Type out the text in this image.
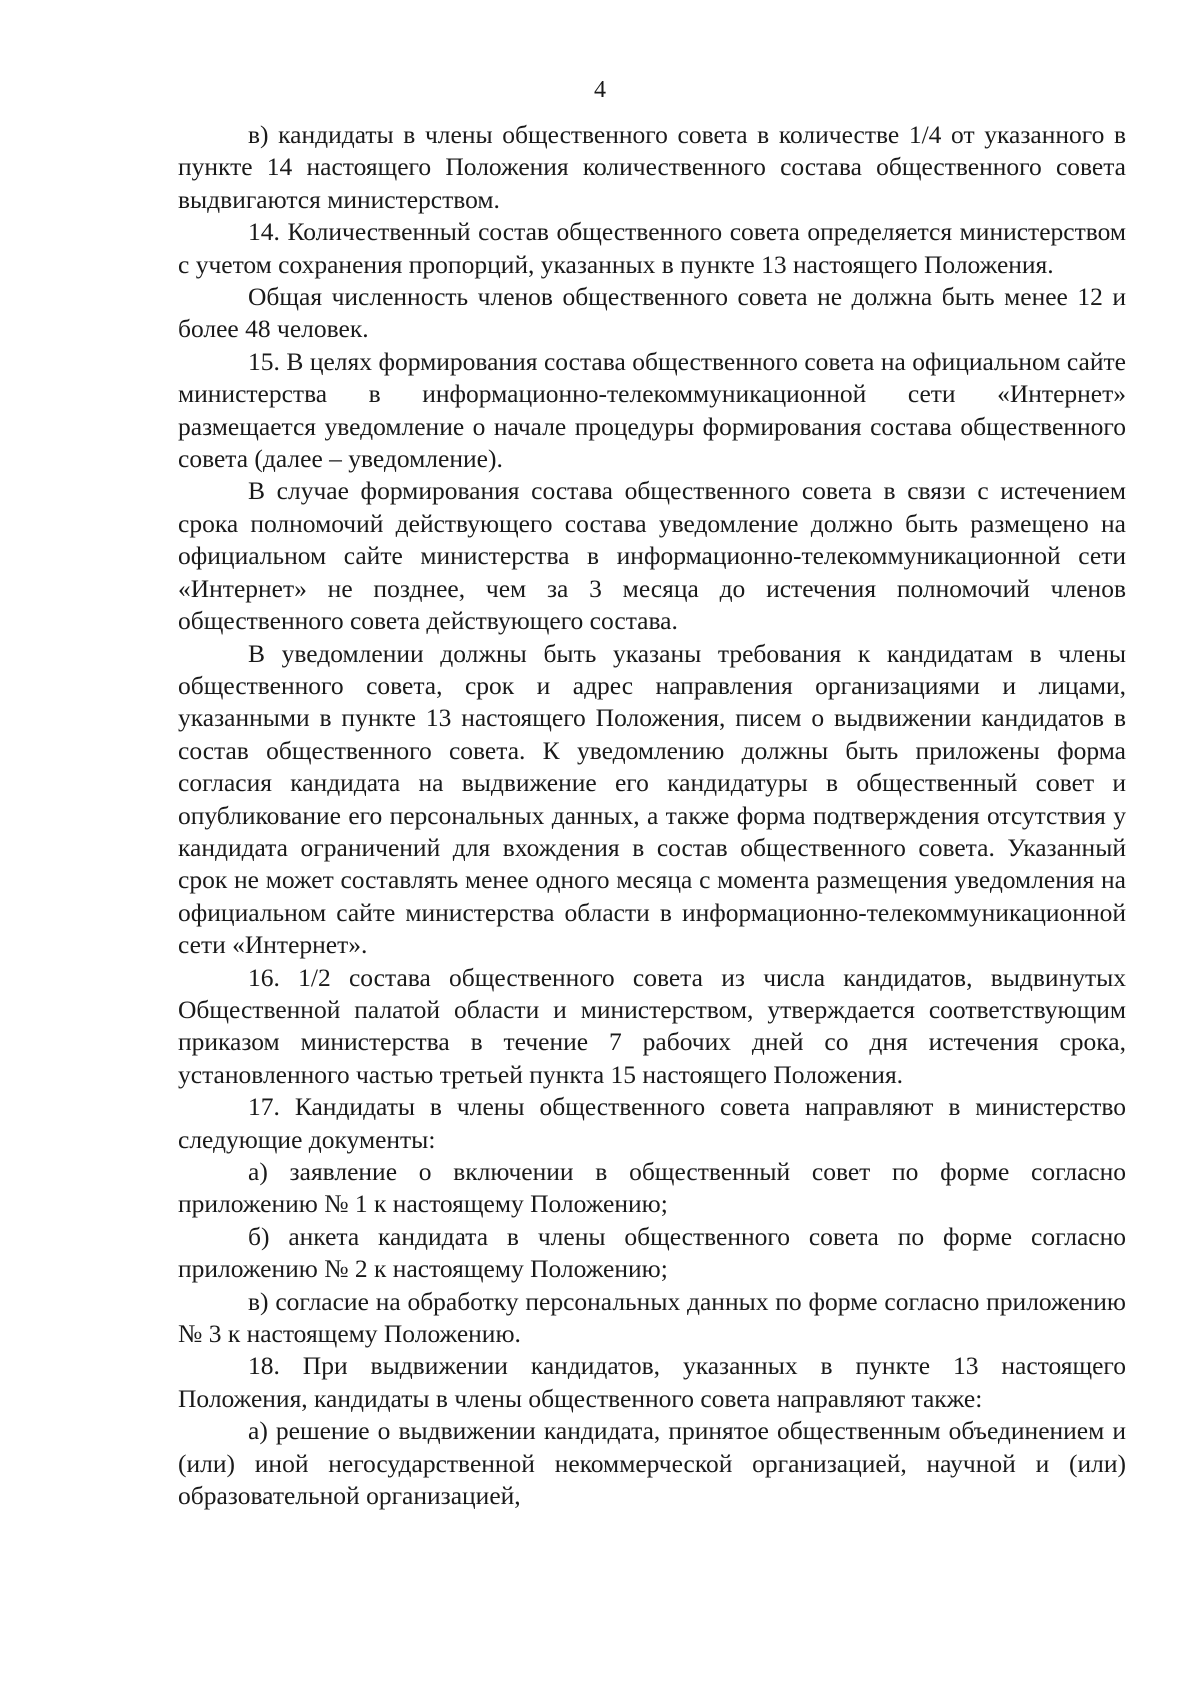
4

в) кандидаты в члены общественного совета в количестве 1/4 от указанного в пункте 14 настоящего Положения количественного состава общественного совета выдвигаются министерством.

14. Количественный состав общественного совета определяется министерством с учетом сохранения пропорций, указанных в пункте 13 настоящего Положения.

Общая численность членов общественного совета не должна быть менее 12 и более 48 человек.

15. В целях формирования состава общественного совета на официальном сайте министерства в информационно-телекоммуникационной сети «Интернет» размещается уведомление о начале процедуры формирования состава общественного совета (далее – уведомление).

В случае формирования состава общественного совета в связи с истечением срока полномочий действующего состава уведомление должно быть размещено на официальном сайте министерства в информационно-телекоммуникационной сети «Интернет» не позднее, чем за 3 месяца до истечения полномочий членов общественного совета действующего состава.

В уведомлении должны быть указаны требования к кандидатам в члены общественного совета, срок и адрес направления организациями и лицами, указанными в пункте 13 настоящего Положения, писем о выдвижении кандидатов в состав общественного совета. К уведомлению должны быть приложены форма согласия кандидата на выдвижение его кандидатуры в общественный совет и опубликование его персональных данных, а также форма подтверждения отсутствия у кандидата ограничений для вхождения в состав общественного совета. Указанный срок не может составлять менее одного месяца с момента размещения уведомления на официальном сайте министерства области в информационно-телекоммуникационной сети «Интернет».

16. 1/2 состава общественного совета из числа кандидатов, выдвинутых Общественной палатой области и министерством, утверждается соответствующим приказом министерства в течение 7 рабочих дней со дня истечения срока, установленного частью третьей пункта 15 настоящего Положения.

17. Кандидаты в члены общественного совета направляют в министерство следующие документы:

а) заявление о включении в общественный совет по форме согласно приложению № 1 к настоящему Положению;

б) анкета кандидата в члены общественного совета по форме согласно приложению № 2 к настоящему Положению;

в) согласие на обработку персональных данных по форме согласно приложению № 3 к настоящему Положению.

18. При выдвижении кандидатов, указанных в пункте 13 настоящего Положения, кандидаты в члены общественного совета направляют также:

а) решение о выдвижении кандидата, принятое общественным объединением и (или) иной негосударственной некоммерческой организацией, научной и (или) образовательной организацией,
